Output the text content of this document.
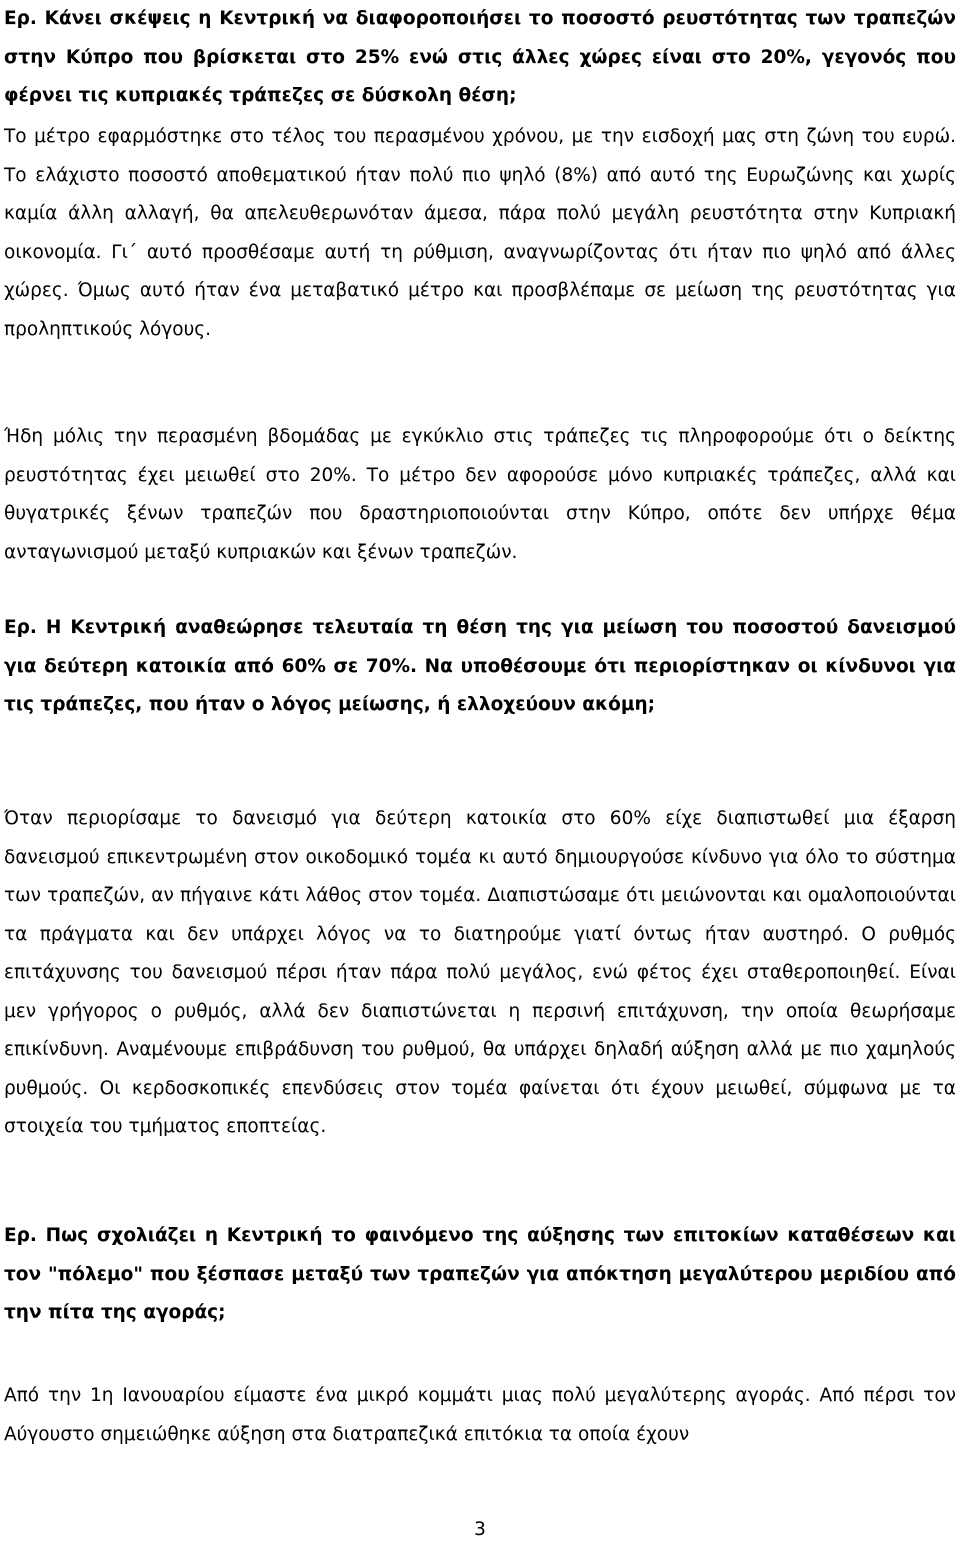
Ερ. Κάνει σκέψεις η Κεντρική να διαφοροποιήσει το ποσοστό ρευστότητας των τραπεζών στην Κύπρο που βρίσκεται στο 25% ενώ στις άλλες χώρες είναι στο 20%, γεγονός που φέρνει τις κυπριακές τράπεζες σε δύσκολη θέση;

Το μέτρο εφαρμόστηκε στο τέλος του περασμένου χρόνου, με την εισδοχή μας στη ζώνη του ευρώ. Το ελάχιστο ποσοστό αποθεματικού ήταν πολύ πιο ψηλό (8%) από αυτό της Ευρωζώνης και χωρίς καμία άλλη αλλαγή, θα απελευθερωνόταν άμεσα, πάρα πολύ μεγάλη ρευστότητα στην Κυπριακή οικονομία. Γι΄ αυτό προσθέσαμε αυτή τη ρύθμιση, αναγνωρίζοντας ότι ήταν πιο ψηλό από άλλες χώρες. Όμως αυτό ήταν ένα μεταβατικό μέτρο και προσβλέπαμε σε μείωση της ρευστότητας για προληπτικούς λόγους.

Ήδη μόλις την περασμένη βδομάδας με εγκύκλιο στις τράπεζες τις πληροφορούμε ότι ο δείκτης ρευστότητας έχει μειωθεί στο 20%. Το μέτρο δεν αφορούσε μόνο κυπριακές τράπεζες, αλλά και θυγατρικές ξένων τραπεζών που δραστηριοποιούνται στην Κύπρο, οπότε δεν υπήρχε θέμα ανταγωνισμού μεταξύ κυπριακών και ξένων τραπεζών.

Ερ. Η Κεντρική αναθεώρησε τελευταία τη θέση της για μείωση του ποσοστού δανεισμού για δεύτερη κατοικία από 60% σε 70%. Να υποθέσουμε ότι περιορίστηκαν οι κίνδυνοι για τις τράπεζες, που ήταν ο λόγος μείωσης, ή ελλοχεύουν ακόμη;

Όταν περιορίσαμε το δανεισμό για δεύτερη κατοικία στο 60% είχε διαπιστωθεί μια έξαρση δανεισμού επικεντρωμένη στον οικοδομικό τομέα κι αυτό δημιουργούσε κίνδυνο για όλο το σύστημα των τραπεζών, αν πήγαινε κάτι λάθος στον τομέα. Διαπιστώσαμε ότι μειώνονται και ομαλοποιούνται τα πράγματα και δεν υπάρχει λόγος να το διατηρούμε γιατί όντως ήταν αυστηρό. Ο ρυθμός επιτάχυνσης του δανεισμού πέρσι ήταν πάρα πολύ μεγάλος, ενώ φέτος έχει σταθεροποιηθεί. Είναι μεν γρήγορος ο ρυθμός, αλλά δεν διαπιστώνεται η περσινή επιτάχυνση, την οποία θεωρήσαμε επικίνδυνη. Αναμένουμε επιβράδυνση του ρυθμού, θα υπάρχει δηλαδή αύξηση αλλά με πιο χαμηλούς ρυθμούς. Οι κερδοσκοπικές επενδύσεις στον τομέα φαίνεται ότι έχουν μειωθεί, σύμφωνα με τα στοιχεία του τμήματος εποπτείας.

Ερ. Πως σχολιάζει η Κεντρική το φαινόμενο της αύξησης των επιτοκίων καταθέσεων και τον "πόλεμο" που ξέσπασε μεταξύ των τραπεζών για απόκτηση μεγαλύτερου μεριδίου από την πίτα της αγοράς;

Από την 1η Ιανουαρίου είμαστε ένα μικρό κομμάτι μιας πολύ μεγαλύτερης αγοράς. Από πέρσι τον Αύγουστο σημειώθηκε αύξηση στα διατραπεζικά επιτόκια τα οποία έχουν

3
